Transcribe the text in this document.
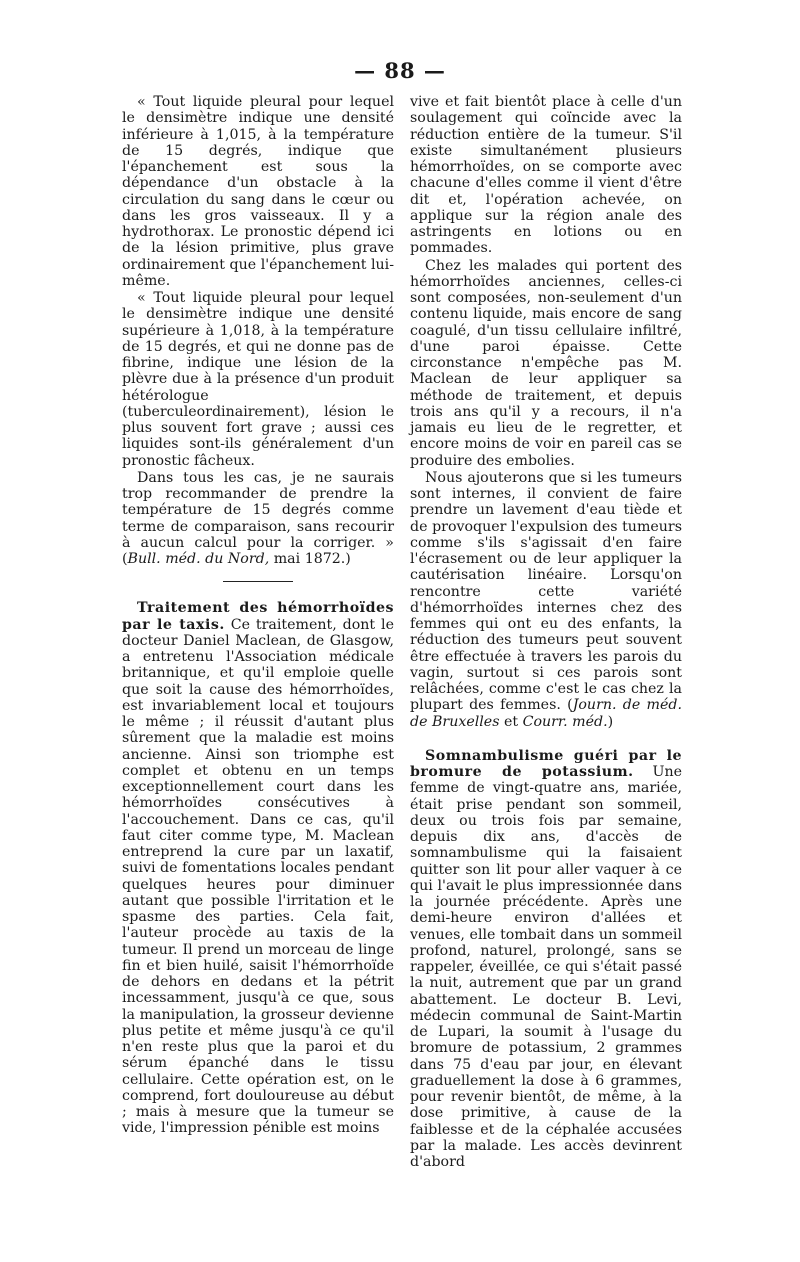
— 88 —

« Tout liquide pleural pour lequel le densimètre indique une densité inférieure à 1,015, à la température de 15 degrés, indique que l'épanchement est sous la dépendance d'un obstacle à la circulation du sang dans le cœur ou dans les gros vaisseaux. Il y a hydrothorax. Le pronostic dépend ici de la lésion primitive, plus grave ordinairement que l'épanchement lui-même.

« Tout liquide pleural pour lequel le densimètre indique une densité supérieure à 1,018, à la température de 15 degrés, et qui ne donne pas de fibrine, indique une lésion de la plèvre due à la présence d'un produit hétérologue (tuberculeordinairement), lésion le plus souvent fort grave ; aussi ces liquides sont-ils généralement d'un pronostic fâcheux.

Dans tous les cas, je ne saurais trop recommander de prendre la température de 15 degrés comme terme de comparaison, sans recourir à aucun calcul pour la corriger. » (Bull. méd. du Nord, mai 1872.)

Traitement des hémorrhoïdes par le taxis. Ce traitement, dont le docteur Daniel Maclean, de Glasgow, a entretenu l'Association médicale britannique, et qu'il emploie quelle que soit la cause des hémorrhoïdes, est invariablement local et toujours le même ; il réussit d'autant plus sûrement que la maladie est moins ancienne. Ainsi son triomphe est complet et obtenu en un temps exceptionnellement court dans les hémorrhoïdes consécutives à l'accouchement. Dans ce cas, qu'il faut citer comme type, M. Maclean entreprend la cure par un laxatif, suivi de fomentations locales pendant quelques heures pour diminuer autant que possible l'irritation et le spasme des parties. Cela fait, l'auteur procède au taxis de la tumeur. Il prend un morceau de linge fin et bien huilé, saisit l'hémorrhoïde de dehors en dedans et la pétrit incessamment, jusqu'à ce que, sous la manipulation, la grosseur devienne plus petite et même jusqu'à ce qu'il n'en reste plus que la paroi et du sérum épanché dans le tissu cellulaire. Cette opération est, on le comprend, fort douloureuse au début ; mais à mesure que la tumeur se vide, l'impression pénible est moins

vive et fait bientôt place à celle d'un soulagement qui coïncide avec la réduction entière de la tumeur. S'il existe simultanément plusieurs hémorrhoïdes, on se comporte avec chacune d'elles comme il vient d'être dit et, l'opération achevée, on applique sur la région anale des astringents en lotions ou en pommades.

Chez les malades qui portent des hémorrhoïdes anciennes, celles-ci sont composées, non-seulement d'un contenu liquide, mais encore de sang coagulé, d'un tissu cellulaire infiltré, d'une paroi épaisse. Cette circonstance n'empêche pas M. Maclean de leur appliquer sa méthode de traitement, et depuis trois ans qu'il y a recours, il n'a jamais eu lieu de le regretter, et encore moins de voir en pareil cas se produire des embolies.

Nous ajouterons que si les tumeurs sont internes, il convient de faire prendre un lavement d'eau tiède et de provoquer l'expulsion des tumeurs comme s'ils s'agissait d'en faire l'écrasement ou de leur appliquer la cautérisation linéaire. Lorsqu'on rencontre cette variété d'hémorrhoïdes internes chez des femmes qui ont eu des enfants, la réduction des tumeurs peut souvent être effectuée à travers les parois du vagin, surtout si ces parois sont relâchées, comme c'est le cas chez la plupart des femmes. (Journ. de méd. de Bruxelles et Courr. méd.)

Somnambulisme guéri par le bromure de potassium. Une femme de vingt-quatre ans, mariée, était prise pendant son sommeil, deux ou trois fois par semaine, depuis dix ans, d'accès de somnambulisme qui la faisaient quitter son lit pour aller vaquer à ce qui l'avait le plus impressionnée dans la journée précédente. Après une demi-heure environ d'allées et venues, elle tombait dans un sommeil profond, naturel, prolongé, sans se rappeler, éveillée, ce qui s'était passé la nuit, autrement que par un grand abattement. Le docteur B. Levi, médecin communal de Saint-Martin de Lupari, la soumit à l'usage du bromure de potassium, 2 grammes dans 75 d'eau par jour, en élevant graduellement la dose à 6 grammes, pour revenir bientôt, de même, à la dose primitive, à cause de la faiblesse et de la céphalée accusées par la malade. Les accès devinrent d'abord
